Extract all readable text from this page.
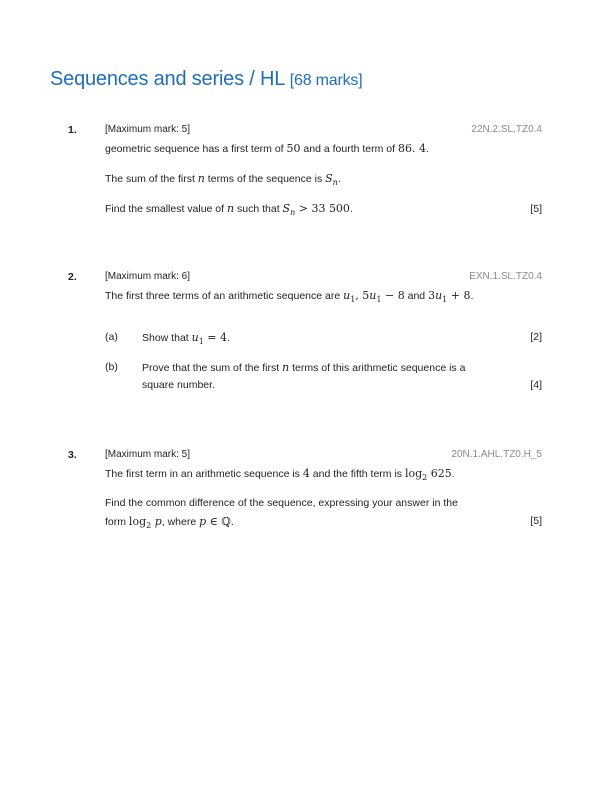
Sequences and series / HL [68 marks]
1.	[Maximum mark: 5]	22N.2.SL.TZ0.4
geometric sequence has a first term of 50 and a fourth term of 86. 4.
The sum of the first n terms of the sequence is $S_n$.
Find the smallest value of n such that $S_n > 33$ 500.	[5]
2.	[Maximum mark: 6]	EXN.1.SL.TZ0.4
The first three terms of an arithmetic sequence are $u_1$, $5u_1 - 8$ and $3u_1 + 8$.
(a) Show that $u_1 = 4$.	[2]
(b) Prove that the sum of the first n terms of this arithmetic sequence is a
square number.	[4]
3.	[Maximum mark: 5]	20N.1.AHL.TZ0.H_5
The first term in an arithmetic sequence is 4 and the fifth term is $\log_2 625$.
Find the common difference of the sequence, expressing your answer in the
form $\log_2 p$, where p ∈ ℚ.	[5]
